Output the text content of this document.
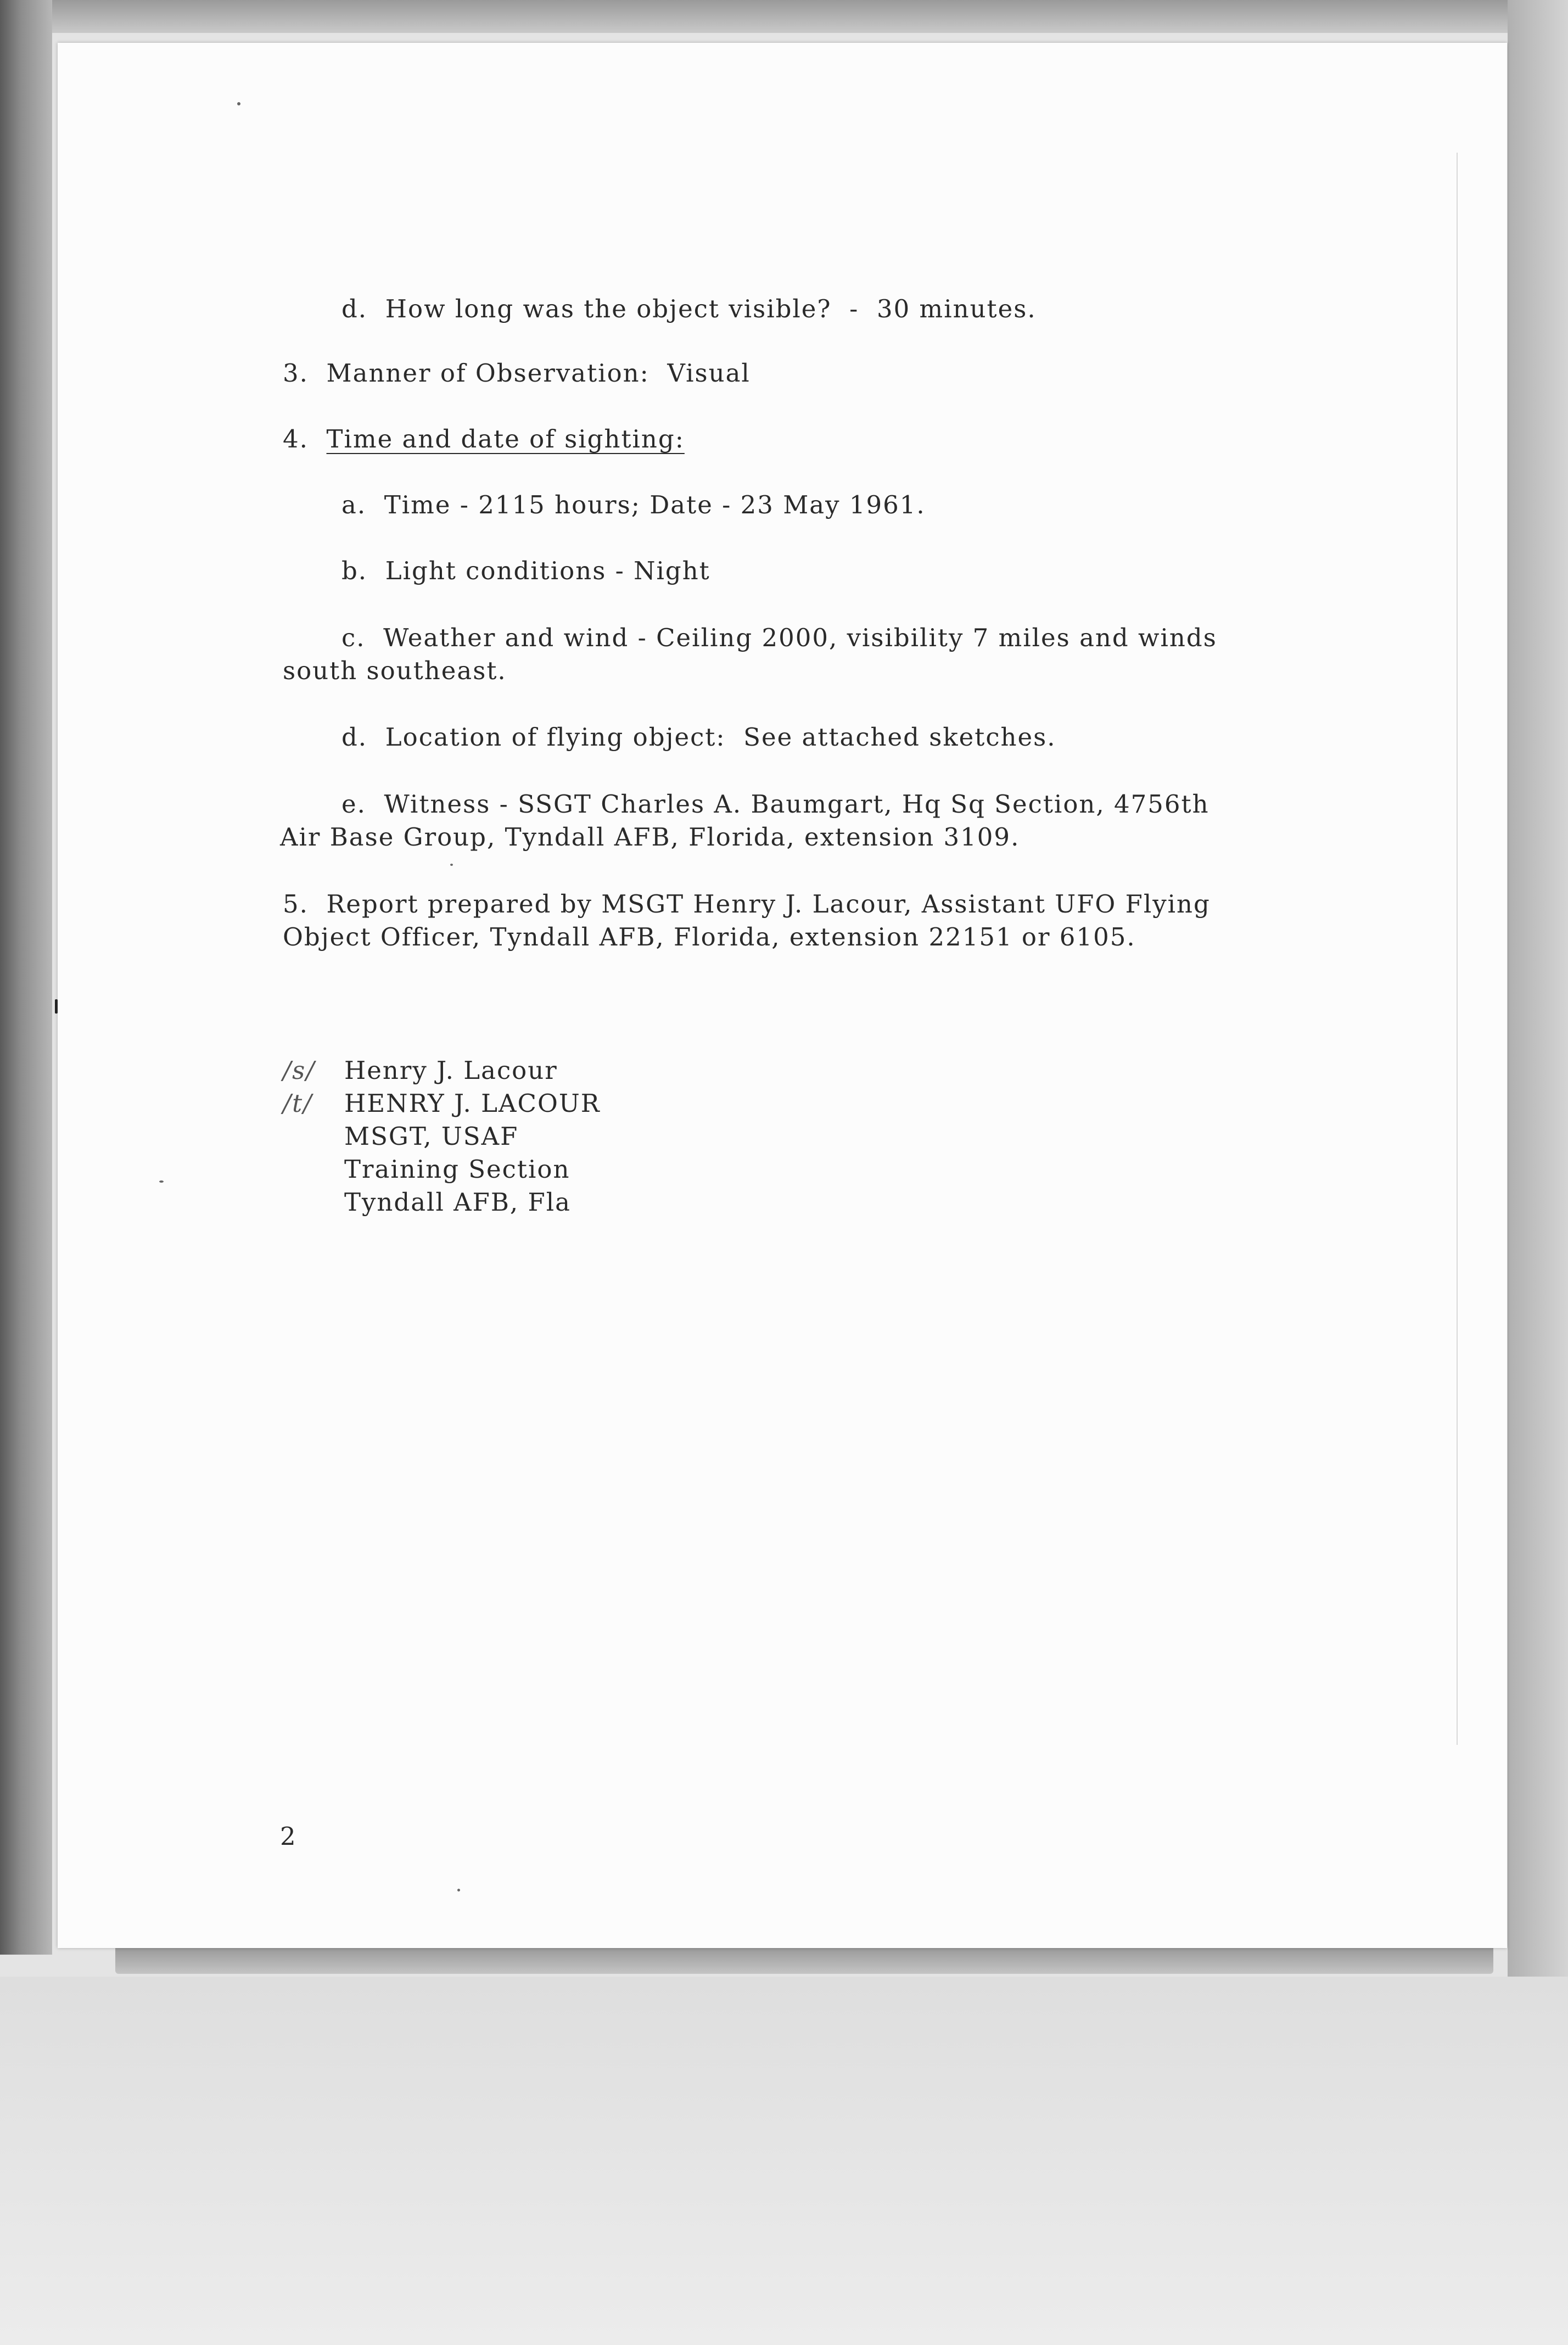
d. How long was the object visible?  -  30 minutes.
3. Manner of Observation:  Visual
4. Time and date of sighting:
a. Time - 2115 hours; Date - 23 May 1961.
b. Light conditions - Night
c. Weather and wind - Ceiling 2000, visibility 7 miles and winds
south southeast.
d. Location of flying object:  See attached sketches.
e. Witness - SSGT Charles A. Baumgart, Hq Sq Section, 4756th
Air Base Group, Tyndall AFB, Florida, extension 3109.
5. Report prepared by MSGT Henry J. Lacour, Assistant UFO Flying
Object Officer, Tyndall AFB, Florida, extension 22151 or 6105.
/s/ Henry J. Lacour
/t/ HENRY J. LACOUR
MSGT, USAF
Training Section
Tyndall AFB, Fla
2
